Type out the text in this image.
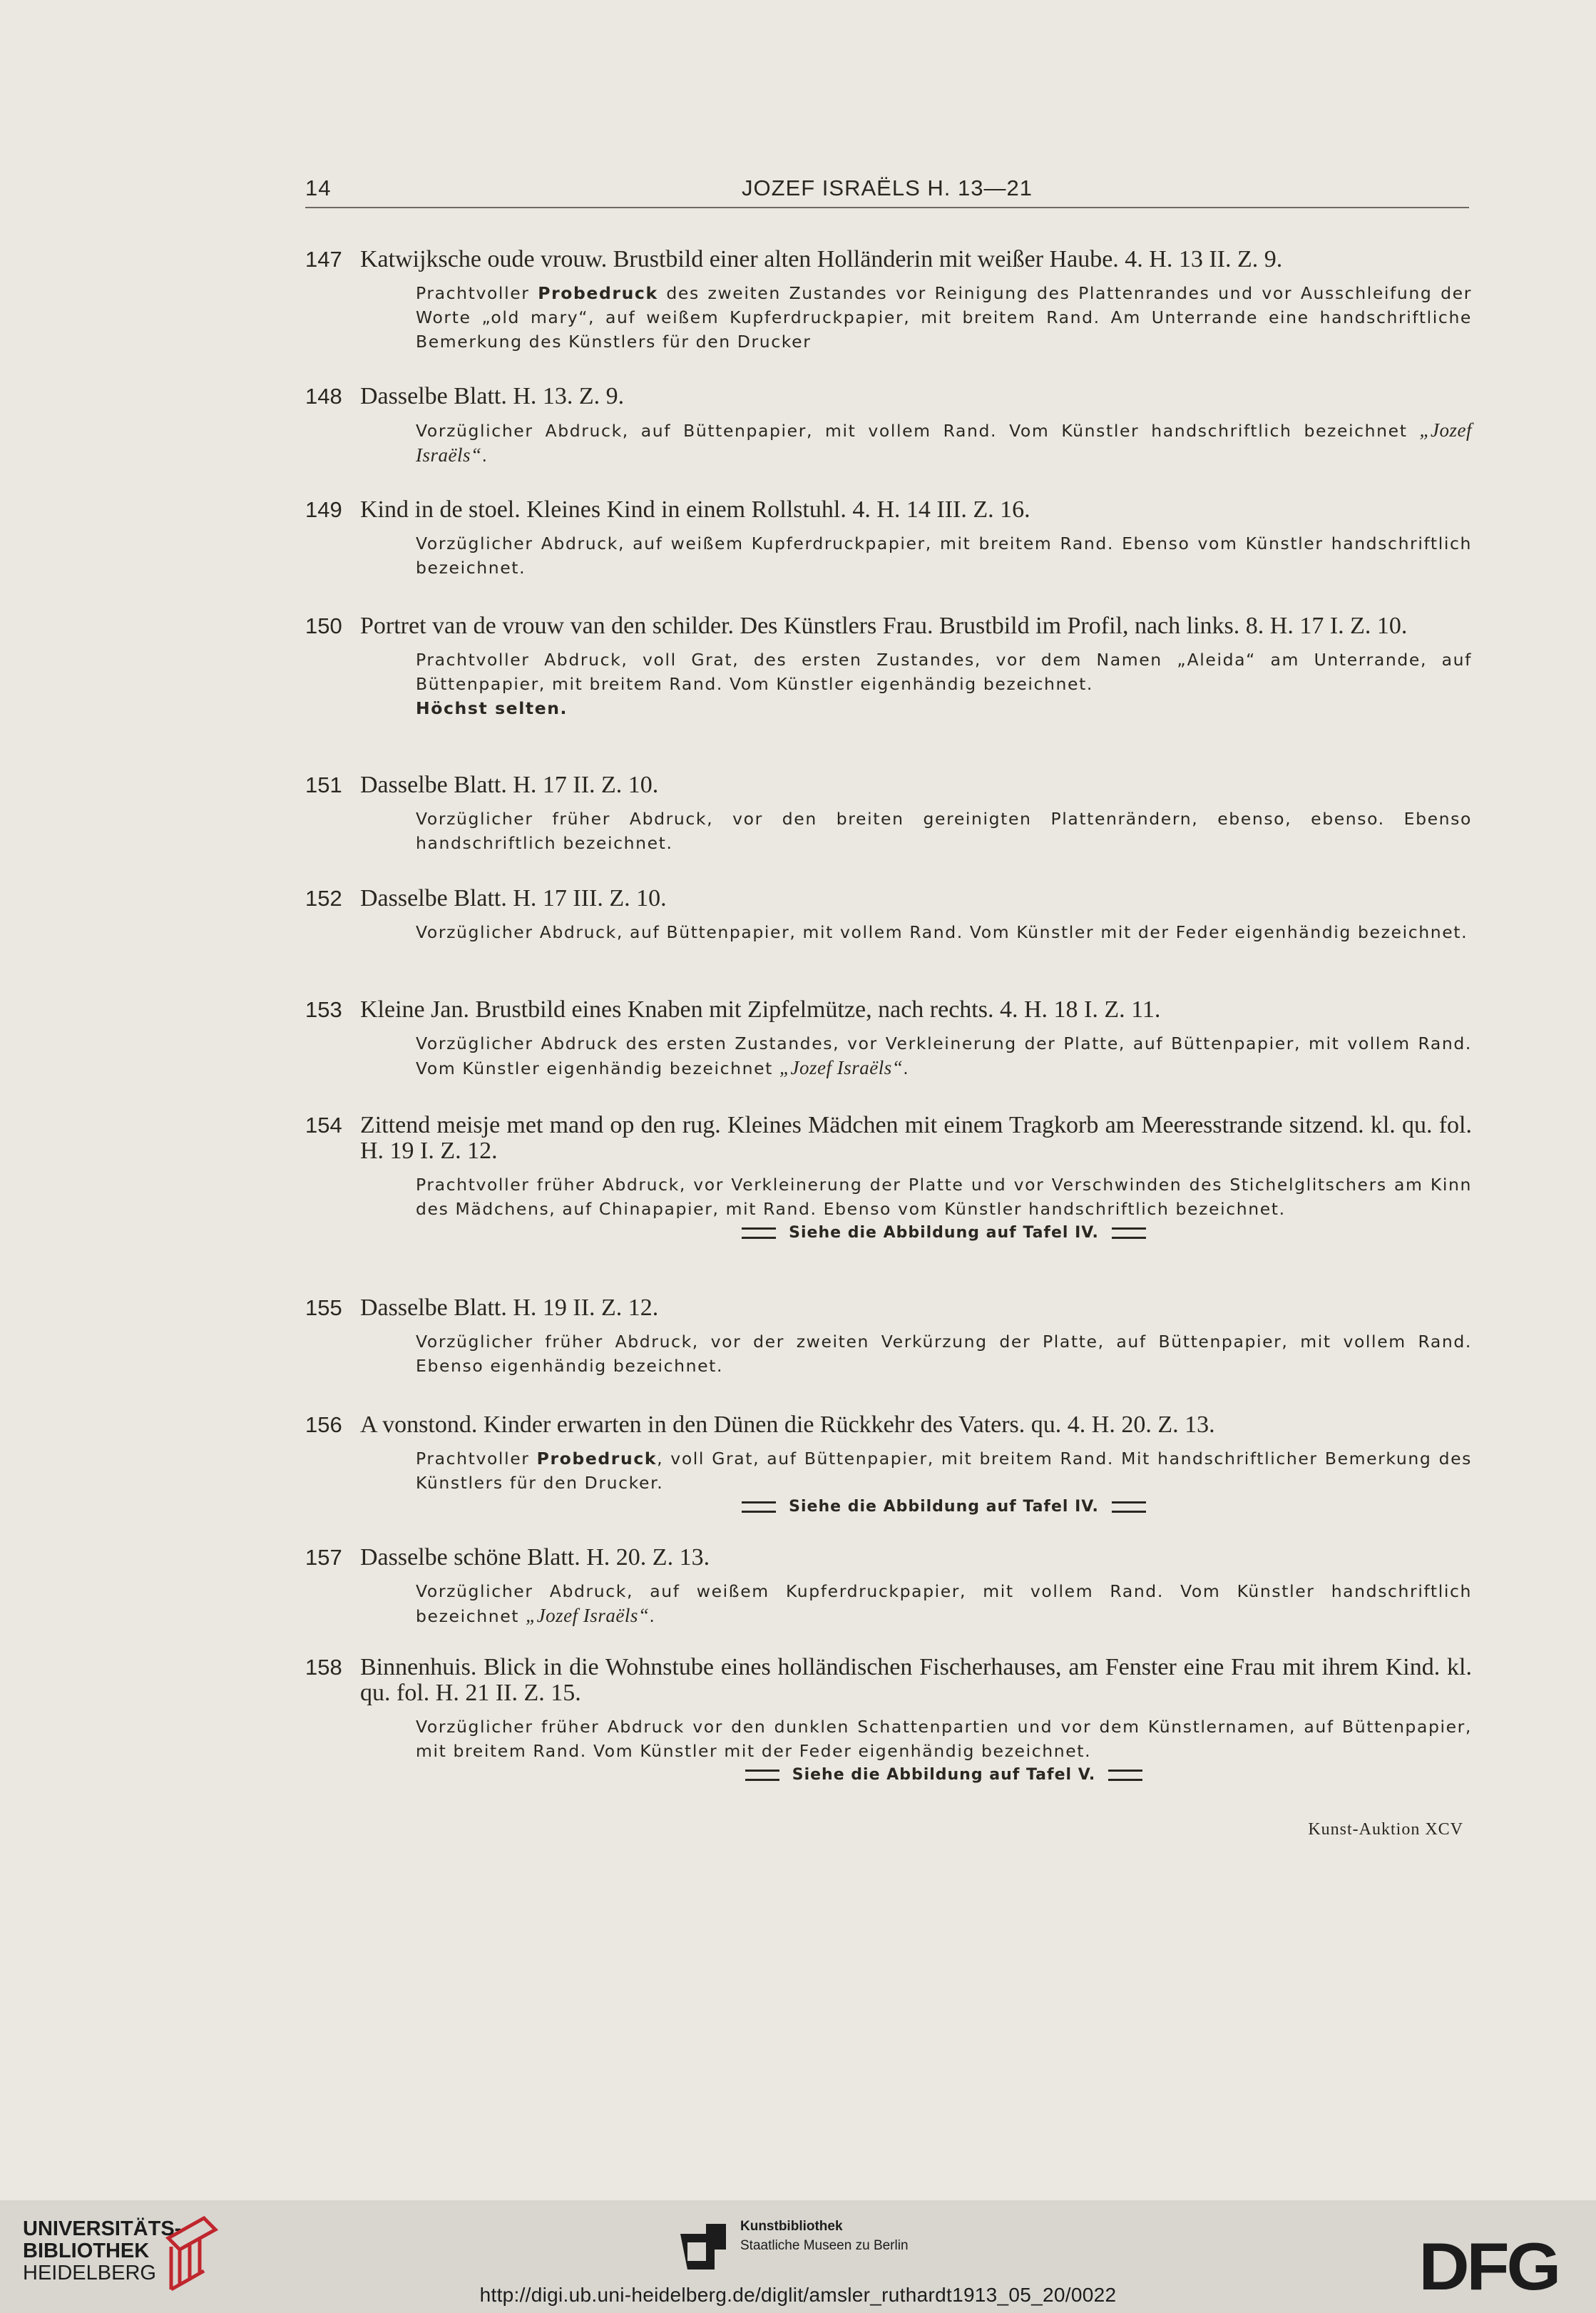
14	JOZEF ISRAËLS H. 13—21
147 Katwijksche oude vrouw. Brustbild einer alten Holländerin mit weißer Haube. 4. H. 13 II. Z. 9.
Prachtvoller Probedruck des zweiten Zustandes vor Reinigung des Plattenrandes und vor Ausschleifung der Worte „old mary“, auf weißem Kupferdruckpapier, mit breitem Rand. Am Unterrande eine handschriftliche Bemerkung des Künstlers für den Drucker
148 Dasselbe Blatt. H. 13. Z. 9.
Vorzüglicher Abdruck, auf Büttenpapier, mit vollem Rand. Vom Künstler handschriftlich bezeichnet „Jozef Israëls“.
149 Kind in de stoel. Kleines Kind in einem Rollstuhl. 4. H. 14 III. Z. 16.
Vorzüglicher Abdruck, auf weißem Kupferdruckpapier, mit breitem Rand. Ebenso vom Künstler handschriftlich bezeichnet.
150 Portret van de vrouw van den schilder. Des Künstlers Frau. Brustbild im Profil, nach links. 8. H. 17 I. Z. 10.
Prachtvoller Abdruck, voll Grat, des ersten Zustandes, vor dem Namen „Aleida“ am Unterrande, auf Büttenpapier, mit breitem Rand. Vom Künstler eigenhändig bezeichnet.
Höchst selten.
151 Dasselbe Blatt. H. 17 II. Z. 10.
Vorzüglicher früher Abdruck, vor den breiten gereinigten Plattenrändern, ebenso, ebenso. Ebenso handschriftlich bezeichnet.
152 Dasselbe Blatt. H. 17 III. Z. 10.
Vorzüglicher Abdruck, auf Büttenpapier, mit vollem Rand. Vom Künstler mit der Feder eigenhändig bezeichnet.
153 Kleine Jan. Brustbild eines Knaben mit Zipfelmütze, nach rechts. 4. H. 18 I. Z. 11.
Vorzüglicher Abdruck des ersten Zustandes, vor Verkleinerung der Platte, auf Büttenpapier, mit vollem Rand. Vom Künstler eigenhändig bezeichnet „Jozef Israëls“.
154 Zittend meisje met mand op den rug. Kleines Mädchen mit einem Tragkorb am Meeresstrande sitzend. kl. qu. fol. H. 19 I. Z. 12.
Prachtvoller früher Abdruck, vor Verkleinerung der Platte und vor Verschwinden des Stichelglitschers am Kinn des Mädchens, auf Chinapapier, mit Rand. Ebenso vom Künstler handschriftlich bezeichnet.
Siehe die Abbildung auf Tafel IV.
155 Dasselbe Blatt. H. 19 II. Z. 12.
Vorzüglicher früher Abdruck, vor der zweiten Verkürzung der Platte, auf Büttenpapier, mit vollem Rand. Ebenso eigenhändig bezeichnet.
156 A vonstond. Kinder erwarten in den Dünen die Rückkehr des Vaters. qu. 4. H. 20. Z. 13.
Prachtvoller Probedruck, voll Grat, auf Büttenpapier, mit breitem Rand. Mit handschriftlicher Bemerkung des Künstlers für den Drucker.
Siehe die Abbildung auf Tafel IV.
157 Dasselbe schöne Blatt. H. 20. Z. 13.
Vorzüglicher Abdruck, auf weißem Kupferdruckpapier, mit vollem Rand. Vom Künstler handschriftlich bezeichnet „Jozef Israëls“.
158 Binnenhuis. Blick in die Wohnstube eines holländischen Fischerhauses, am Fenster eine Frau mit ihrem Kind. kl. qu. fol. H. 21 II. Z. 15.
Vorzüglicher früher Abdruck vor den dunklen Schattenpartien und vor dem Künstlernamen, auf Büttenpapier, mit breitem Rand. Vom Künstler mit der Feder eigenhändig bezeichnet.
Siehe die Abbildung auf Tafel V.
Kunst-Auktion XCV
UNIVERSITÄTS-
BIBLIOTHEK
HEIDELBERG
Kunstbibliothek
Staatliche Museen zu Berlin	DFG
http://digi.ub.uni-heidelberg.de/diglit/amsler_ruthardt1913_05_20/0022
